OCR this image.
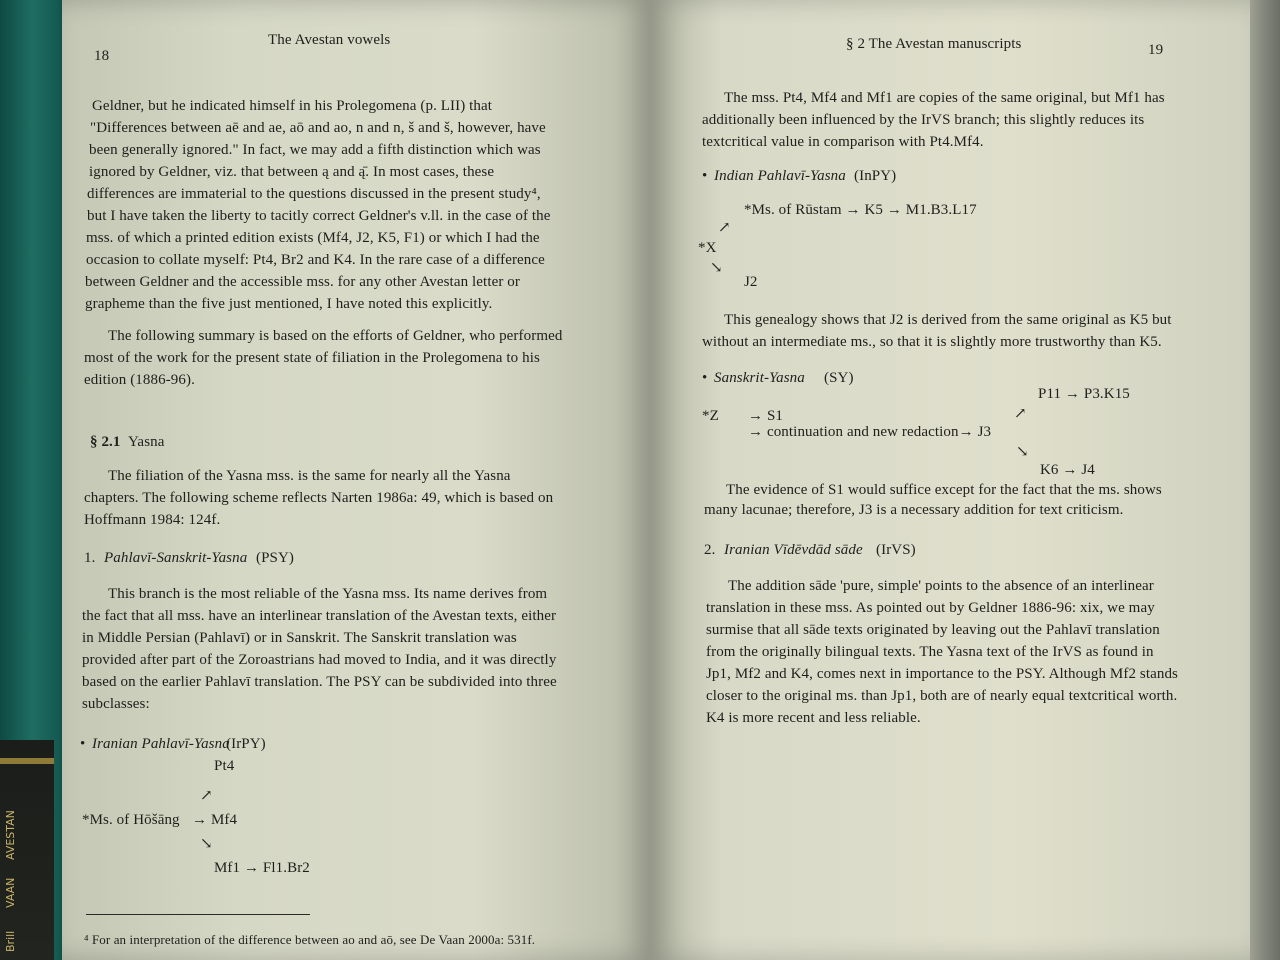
AVESTAN
VAAN
Brill
18
The Avestan vowels
Geldner, but he indicated himself in his Prolegomena (p. LII) that
"Differences between aē and ae, aō and ao, n and n, š and š, however, have
been generally ignored." In fact, we may add a fifth distinction which was
ignored by Geldner, viz. that between ą and ą̄. In most cases, these
differences are immaterial to the questions discussed in the present study⁴,
but I have taken the liberty to tacitly correct Geldner's v.ll. in the case of the
mss. of which a printed edition exists (Mf4, J2, K5, F1) or which I had the
occasion to collate myself: Pt4, Br2 and K4. In the rare case of a difference
between Geldner and the accessible mss. for any other Avestan letter or
grapheme than the five just mentioned, I have noted this explicitly.
The following summary is based on the efforts of Geldner, who performed
most of the work for the present state of filiation in the Prolegomena to his
edition (1886-96).
§ 2.1 Yasna
The filiation of the Yasna mss. is the same for nearly all the Yasna
chapters. The following scheme reflects Narten 1986a: 49, which is based on
Hoffmann 1984: 124f.
1. Pahlavī-Sanskrit-Yasna (PSY)
This branch is the most reliable of the Yasna mss. Its name derives from
the fact that all mss. have an interlinear translation of the Avestan texts, either
in Middle Persian (Pahlavī) or in Sanskrit. The Sanskrit translation was
provided after part of the Zoroastrians had moved to India, and it was directly
based on the earlier Pahlavī translation. The PSY can be subdivided into three
subclasses:
• Iranian Pahlavī-Yasna
(IrPY)
Pt4
↗
*Ms. of Hōšāng → Mf4
↘
Mf1 → Fl1.Br2
⁴ For an interpretation of the difference between ao and aō, see De Vaan 2000a: 531f.
§ 2 The Avestan manuscripts	19
The mss. Pt4, Mf4 and Mf1 are copies of the same original, but Mf1 has
additionally been influenced by the IrVS branch; this slightly reduces its
textcritical value in comparison with Pt4.Mf4.
• Indian Pahlavī-Yasna (InPY)
*Ms. of Rūstam → K5 → M1.B3.L17
↗
*X
↘
J2
This genealogy shows that J2 is derived from the same original as K5 but
without an intermediate ms., so that it is slightly more trustworthy than K5.
• Sanskrit-Yasna (SY)
P11 → P3.K15
*Z → S1	↗
→ continuation and new redaction→ J3
↘
K6 → J4
The evidence of S1 would suffice except for the fact that the ms. shows
many lacunae; therefore, J3 is a necessary addition for text criticism.
2. Iranian Vīdēvdād sāde (IrVS)
The addition sāde 'pure, simple' points to the absence of an interlinear
translation in these mss. As pointed out by Geldner 1886-96: xix, we may
surmise that all sāde texts originated by leaving out the Pahlavī translation
from the originally bilingual texts. The Yasna text of the IrVS as found in
Jp1, Mf2 and K4, comes next in importance to the PSY. Although Mf2 stands
closer to the original ms. than Jp1, both are of nearly equal textcritical worth.
K4 is more recent and less reliable.
